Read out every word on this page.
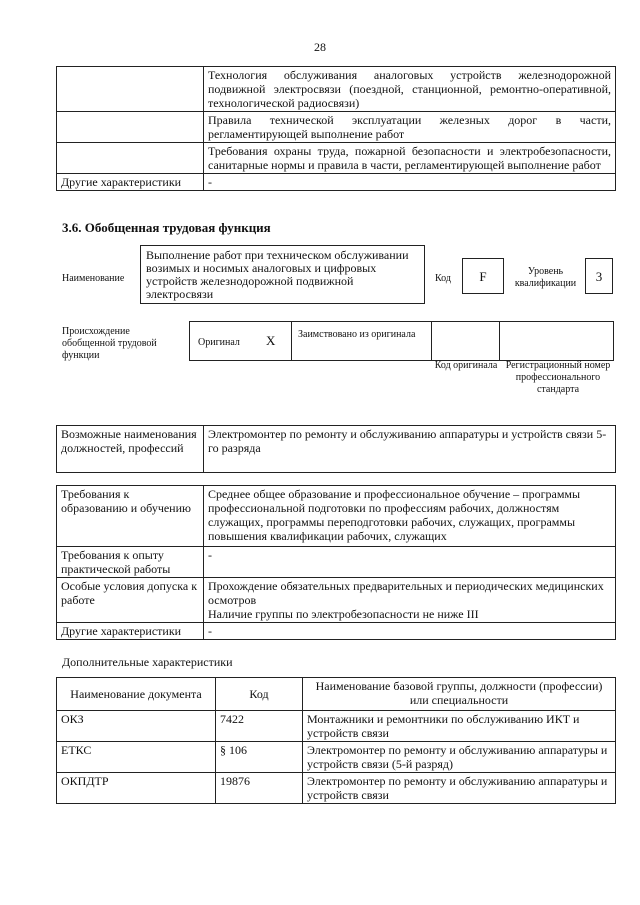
28
	Технология обслуживания аналоговых устройств железнодорожной подвижной электросвязи (поездной, станционной, ремонтно-оперативной, технологической радиосвязи)
	Правила технической эксплуатации железных дорог в части, регламентирующей выполнение работ
	Требования охраны труда, пожарной безопасности и электробезопасности, санитарные нормы и правила в части, регламентирующей выполнение работ
Другие характеристики	-
3.6. Обобщенная трудовая функция
Наименование
Выполнение работ при техническом обслуживании возимых и носимых аналоговых и цифровых устройств железнодорожной подвижной электросвязи
Код	F	Уровень квалификации	3
Происхождение обобщенной трудовой функции
Оригинал X Заимствовано из оригинала
Код оригинала Регистрационный номер профессионального стандарта
Возможные наименования должностей, профессий	Электромонтер по ремонту и обслуживанию аппаратуры и устройств связи 5-го разряда
Требования к образованию и обучению	Среднее общее образование и профессиональное обучение – программы профессиональной подготовки по профессиям рабочих, должностям служащих, программы переподготовки рабочих, служащих, программы повышения квалификации рабочих, служащих
Требования к опыту практической работы	-
Особые условия допуска к работе	Прохождение обязательных предварительных и периодических медицинских осмотров
Наличие группы по электробезопасности не ниже III

Другие характеристики	-
Дополнительные характеристики
Наименование документа	Код	Наименование базовой группы, должности (профессии) или специальности
ОКЗ	7422	Монтажники и ремонтники по обслуживанию ИКТ и устройств связи
ЕТКС	§ 106	Электромонтер по ремонту и обслуживанию аппаратуры и устройств связи (5-й разряд)
ОКПДТР	19876	Электромонтер по ремонту и обслуживанию аппаратуры и устройств связи
